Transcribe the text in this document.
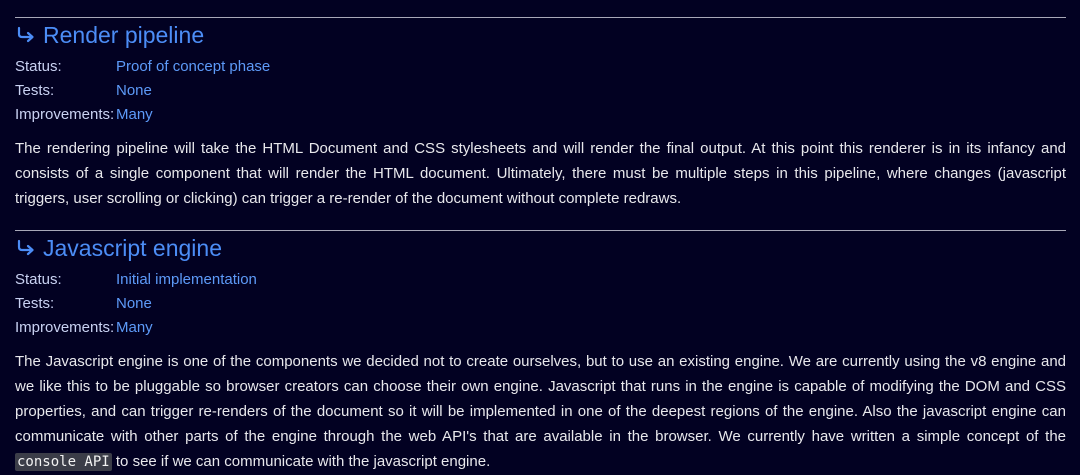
Render pipeline
Status:	Proof of concept phase
Tests:	None
Improvements: Many

The rendering pipeline will take the HTML Document and CSS stylesheets and will render the final output. At this point this renderer is in its infancy and consists of a single component that will render the HTML document. Ultimately, there must be multiple steps in this pipeline, where changes (javascript triggers, user scrolling or clicking) can trigger a re-render of the document without complete redraws.

Javascript engine
Status:	Initial implementation
Tests:	None
Improvements: Many

The Javascript engine is one of the components we decided not to create ourselves, but to use an existing engine. We are currently using the v8 engine and we like this to be pluggable so browser creators can choose their own engine. Javascript that runs in the engine is capable of modifying the DOM and CSS properties, and can trigger re-renders of the document so it will be implemented in one of the deepest regions of the engine. Also the javascript engine can communicate with other parts of the engine through the web API's that are available in the browser. We currently have written a simple concept of the console API to see if we can communicate with the javascript engine.
